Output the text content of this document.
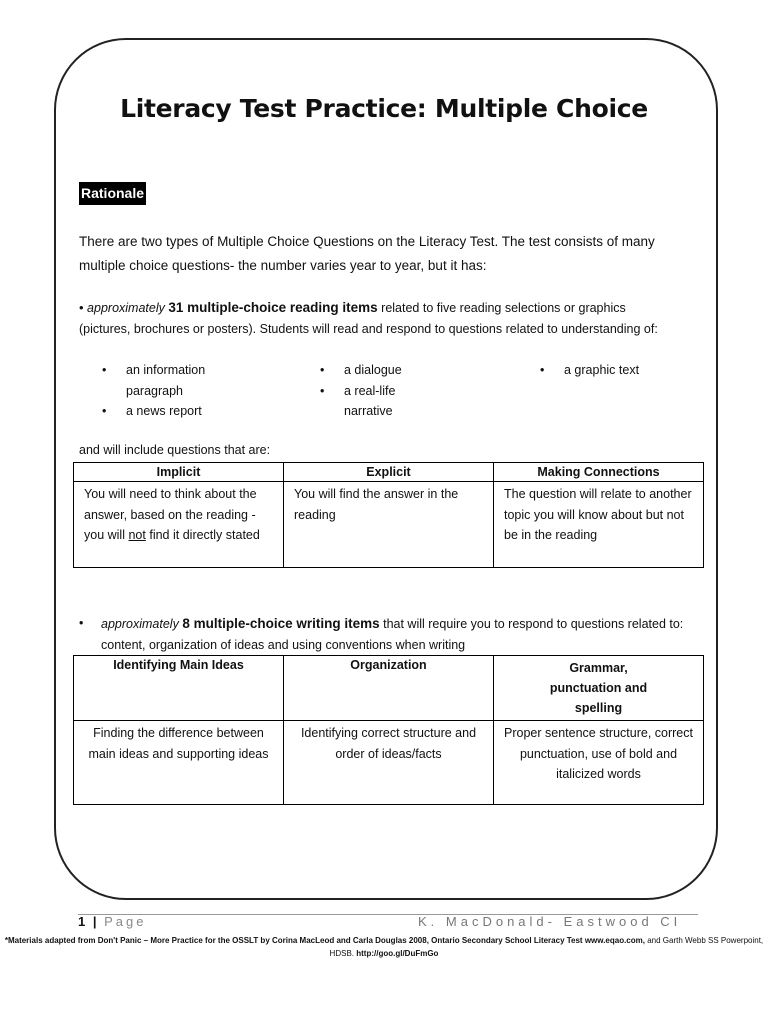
Literacy Test Practice: Multiple Choice
Rationale
There are two types of Multiple Choice Questions on the Literacy Test. The test consists of many multiple choice questions- the number varies year to year, but it has:
• approximately 31 multiple-choice reading items related to five reading selections or graphics (pictures, brochures or posters). Students will read and respond to questions related to understanding of:
• an information paragraph
• a news report
• a dialogue
• a real-life narrative
• a graphic text
and will include questions that are:
Implicit	Explicit	Making Connections
You will need to think about the answer, based on the reading -you will not find it directly stated	You will find the answer in the reading	The question will relate to another topic you will know about but not be in the reading
• approximately 8 multiple-choice writing items that will require you to respond to questions related to: content, organization of ideas and using conventions when writing
Identifying Main Ideas	Organization	Grammar, punctuation and spelling
Finding the difference between main ideas and supporting ideas	Identifying correct structure and order of ideas/facts	Proper sentence structure, correct punctuation, use of bold and italicized words
1 | Page	K. MacDonald- Eastwood CI
*Materials adapted from Don't Panic – More Practice for the OSSLT by Corina MacLeod and Carla Douglas 2008, Ontario Secondary School Literacy Test www.eqao.com, and Garth Webb SS Powerpoint, HDSB. http://goo.gl/DuFmGo
